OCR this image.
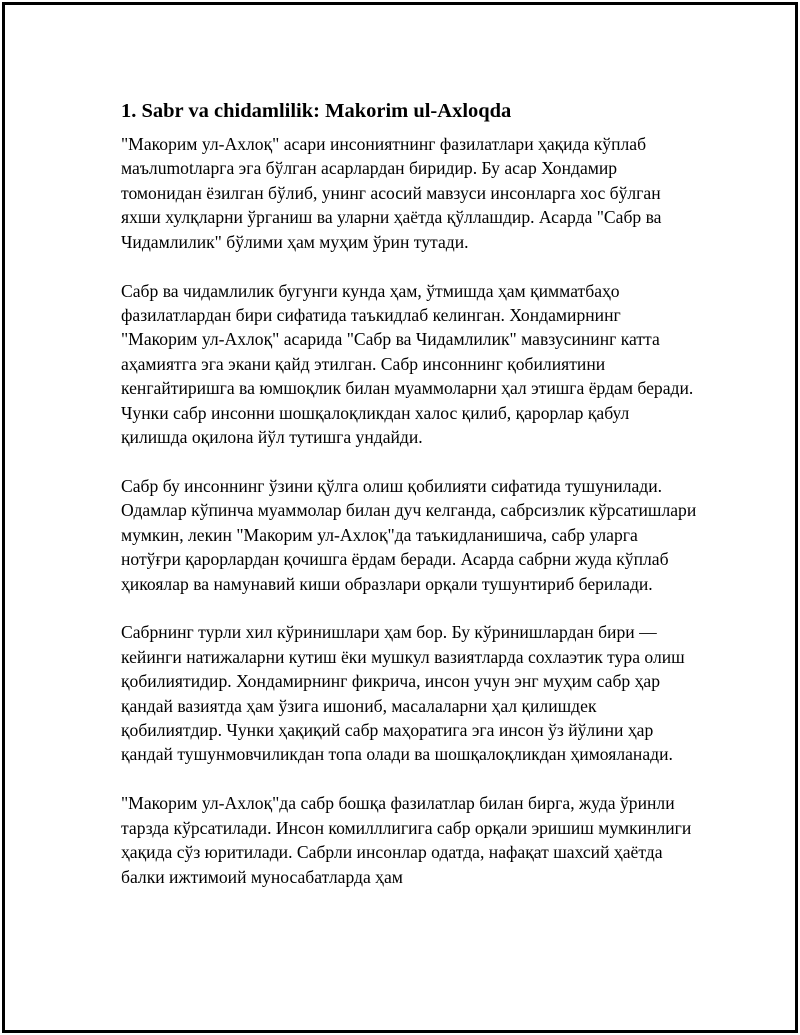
1. Sabr va chidamlilik: Makorim ul-Axloqda

"Макорим ул-Ахлоқ" асари инсониятнинг фазилатлари ҳақида кўплаб маълumotларга эга бўлган асарлардан биридир. Бу асар Хондамир томонидан ёзилган бўлиб, унинг асосий мавзуси инсонларга хос бўлган яхши хулқларни ўрганиш ва уларни ҳаётда қўллашдир. Асарда "Сабр ва Чидамлилик" бўлими ҳам муҳим ўрин тутади.

Сабр ва чидамлилик бугунги кунда ҳам, ўтмишда ҳам қимматбаҳо фазилатлардан бири сифатида таъкидлаб келинган. Хондамирнинг "Макорим ул-Ахлоқ" асарида "Сабр ва Чидамлилик" мавзусининг катта аҳамиятга эга экани қайд этилган. Сабр инсоннинг қобилиятини кенгайтиришга ва юмшоқлик билан муаммоларни ҳал этишга ёрдам беради. Чунки сабр инсонни шошқалоқликдан халос қилиб, қарорлар қабул қилишда оқилона йўл тутишга ундайди.

Сабр бу инсоннинг ўзини қўлга олиш қобилияти сифатида тушунилади. Одамлар кўпинча муаммолар билан дуч келганда, сабрсизлик кўрсатишлари мумкин, лекин "Макорим ул-Ахлоқ"да таъкидланишича, сабр уларга нотўғри қарорлардан қочишга ёрдам беради. Асарда сабрни жуда кўплаб ҳикоялар ва намунавий киши образлари орқали тушунтириб берилади.

Сабрнинг турли хил кўринишлари ҳам бор. Бу кўринишлардан бири — кейинги натижаларни кутиш ёки мушкул вазиятларда сохлаэтик тура олиш қобилиятидир. Хондамирнинг фикрича, инсон учун энг муҳим сабр ҳар қандай вазиятда ҳам ўзига ишониб, масалаларни ҳал қилишдек қобилиятдир. Чунки ҳақиқий сабр маҳоратига эга инсон ўз йўлини ҳар қандай тушунмовчиликдан топа олади ва шошқалоқликдан ҳимояланади.

"Макорим ул-Ахлоқ"да сабр бошқа фазилатлар билан бирга, жуда ўринли тарзда кўрсатилади. Инсон комилллигига сабр орқали эришиш мумкинлиги ҳақида сўз юритилади. Сабрли инсонлар одатда, нафақат шахсий ҳаётда балки ижтимоий муносабатларда ҳам
